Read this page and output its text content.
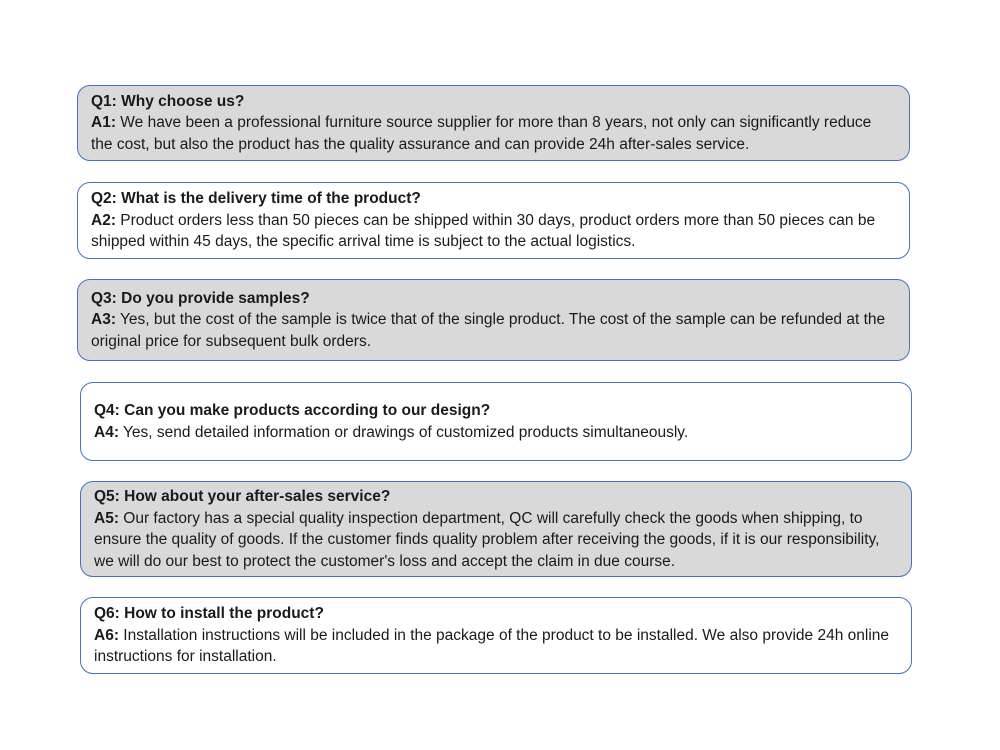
Q1: Why choose us?
A1: We have been a professional furniture source supplier for more than 8 years, not only can significantly reduce the cost, but also the product has the quality assurance and can provide 24h after-sales service.
Q2: What is the delivery time of the product?
A2: Product orders less than 50 pieces can be shipped within 30 days, product orders more than 50 pieces can be shipped within 45 days, the specific arrival time is subject to the actual logistics.
Q3: Do you provide samples?
A3: Yes, but the cost of the sample is twice that of the single product. The cost of the sample can be refunded at the original price for subsequent bulk orders.
Q4: Can you make products according to our design?
A4: Yes, send detailed information or drawings of customized products simultaneously.
Q5: How about your after-sales service?
A5: Our factory has a special quality inspection department, QC will carefully check the goods when shipping, to ensure the quality of goods. If the customer finds quality problem after receiving the goods, if it is our responsibility, we will do our best to protect the customer's loss and accept the claim in due course.
Q6: How to install the product?
A6: Installation instructions will be included in the package of the product to be installed. We also provide 24h online instructions for installation.
